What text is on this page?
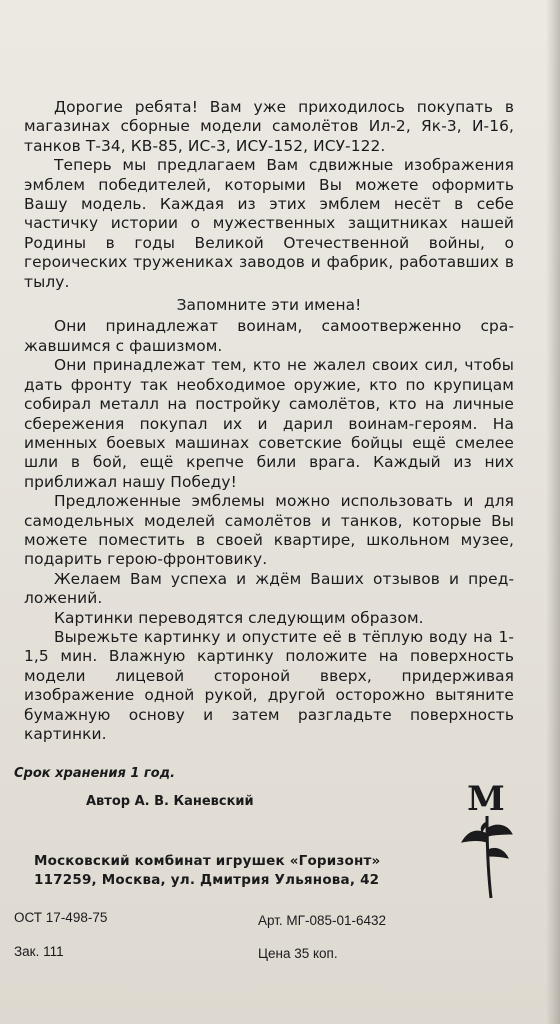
Дорогие ребята! Вам уже приходилось покупать в магазинах сборные модели самолётов Ил-2, Як-3, И-16, танков Т-34, КВ-85, ИС-3, ИСУ-152, ИСУ-122.

Теперь мы предлагаем Вам сдвижные изображения эмблем победителей, которыми Вы можете оформить Вашу модель. Каждая из этих эмблем несёт в себе частичку истории о мужественных защитниках нашей Родины в годы Великой Отечественной войны, о героических тружениках заводов и фабрик, работавших в тылу.

Запомните эти имена!

Они принадлежат воинам, самоотверженно сражавшимся с фашизмом.

Они принадлежат тем, кто не жалел своих сил, чтобы дать фронту так необходимое оружие, кто по крупицам собирал металл на постройку самолётов, кто на личные сбережения покупал их и дарил воинам-героям. На именных боевых машинах советские бойцы ещё смелее шли в бой, ещё крепче били врага. Каждый из них приближал нашу Победу!

Предложенные эмблемы можно использовать и для самодельных моделей самолётов и танков, которые Вы можете поместить в своей квартире, школьном музее, подарить герою-фронтовику.

Желаем Вам успеха и ждём Ваших отзывов и предложений.

Картинки переводятся следующим образом.

Вырежьте картинку и опустите её в тёплую воду на 1-1,5 мин. Влажную картинку положите на поверхность модели лицевой стороной вверх, придерживая изображение одной рукой, другой осторожно вытяните бумажную основу и затем разгладьте поверхность картинки.

Срок хранения 1 год.
Автор А. В. Каневский	М
Московский комбинат игрушек «Горизонт»
117259, Москва, ул. Дмитрия Ульянова, 42
ОСТ 17-498-75	Арт. МГ-085-01-6432
Зак. 111	Цена 35 коп.
